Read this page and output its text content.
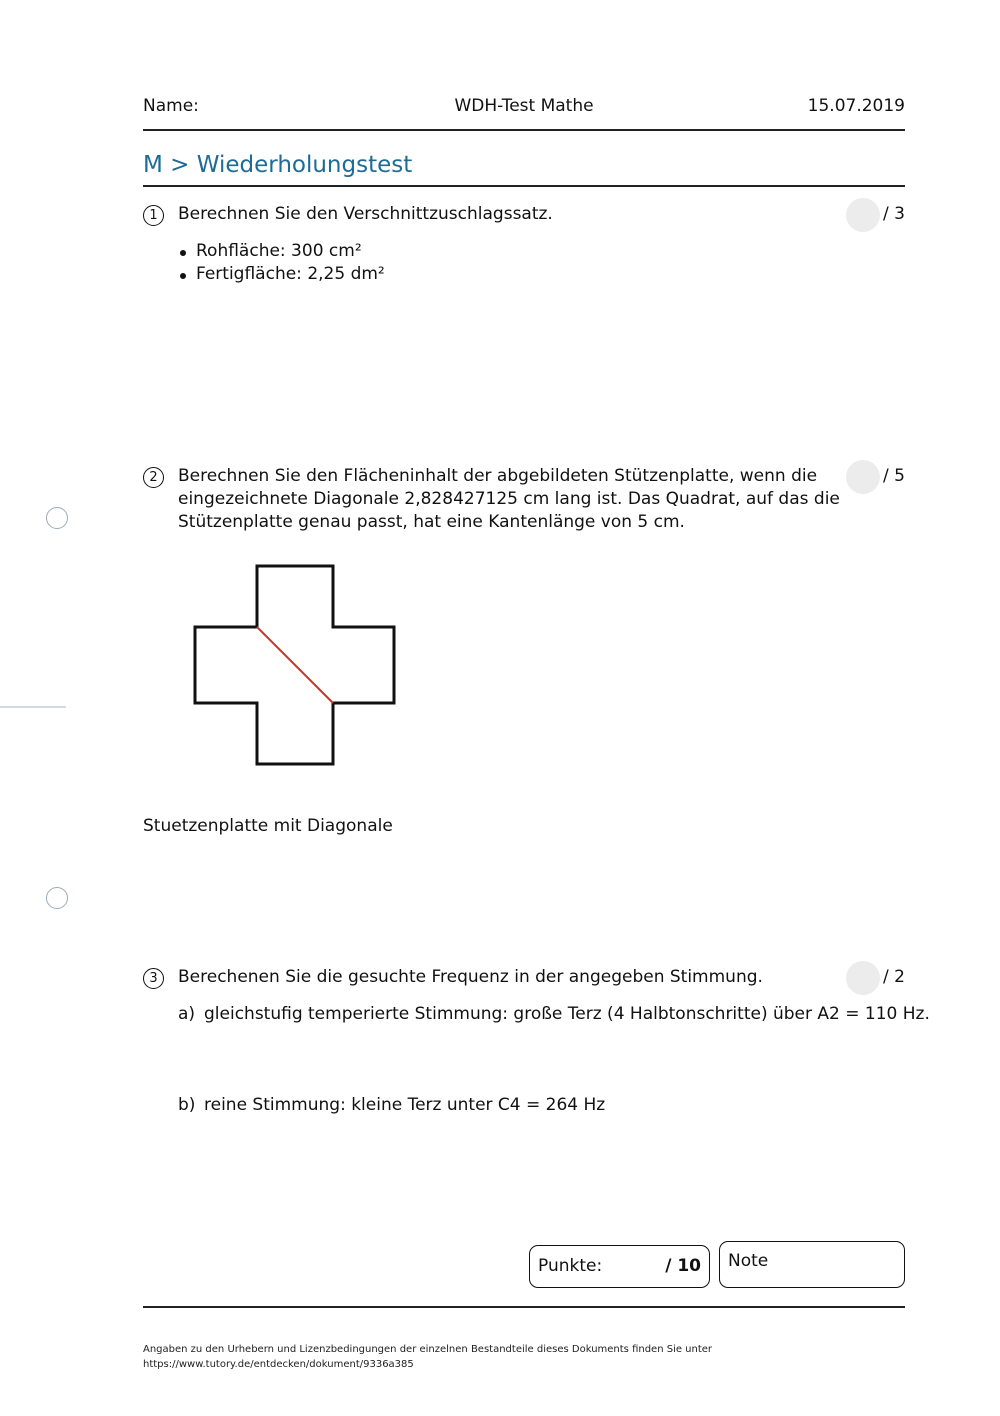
Name:	WDH-Test Mathe	15.07.2019
M > Wiederholungstest
1	Berechnen Sie den Verschnittzuschlagssatz.	/ 3
Rohfläche: 300 cm²
Fertigfläche: 2,25 dm²
2	Berechnen Sie den Flächeninhalt der abgebildeten Stützenplatte, wenn die
eingezeichnete Diagonale 2,828427125 cm lang ist. Das Quadrat, auf das die
Stützenplatte genau passt, hat eine Kantenlänge von 5 cm.
/ 5
Stuetzenplatte mit Diagonale
3	Berechenen Sie die gesuchte Frequenz in der angegeben Stimmung.	/ 2
a) gleichstufig temperierte Stimmung: große Terz (4 Halbtonschritte) über A2 = 110 Hz.
b) reine Stimmung: kleine Terz unter C4 = 264 Hz
Punkte:	/ 10 Note
Angaben zu den Urhebern und Lizenzbedingungen der einzelnen Bestandteile dieses Dokuments finden Sie unter
https://www.tutory.de/entdecken/dokument/9336a385
